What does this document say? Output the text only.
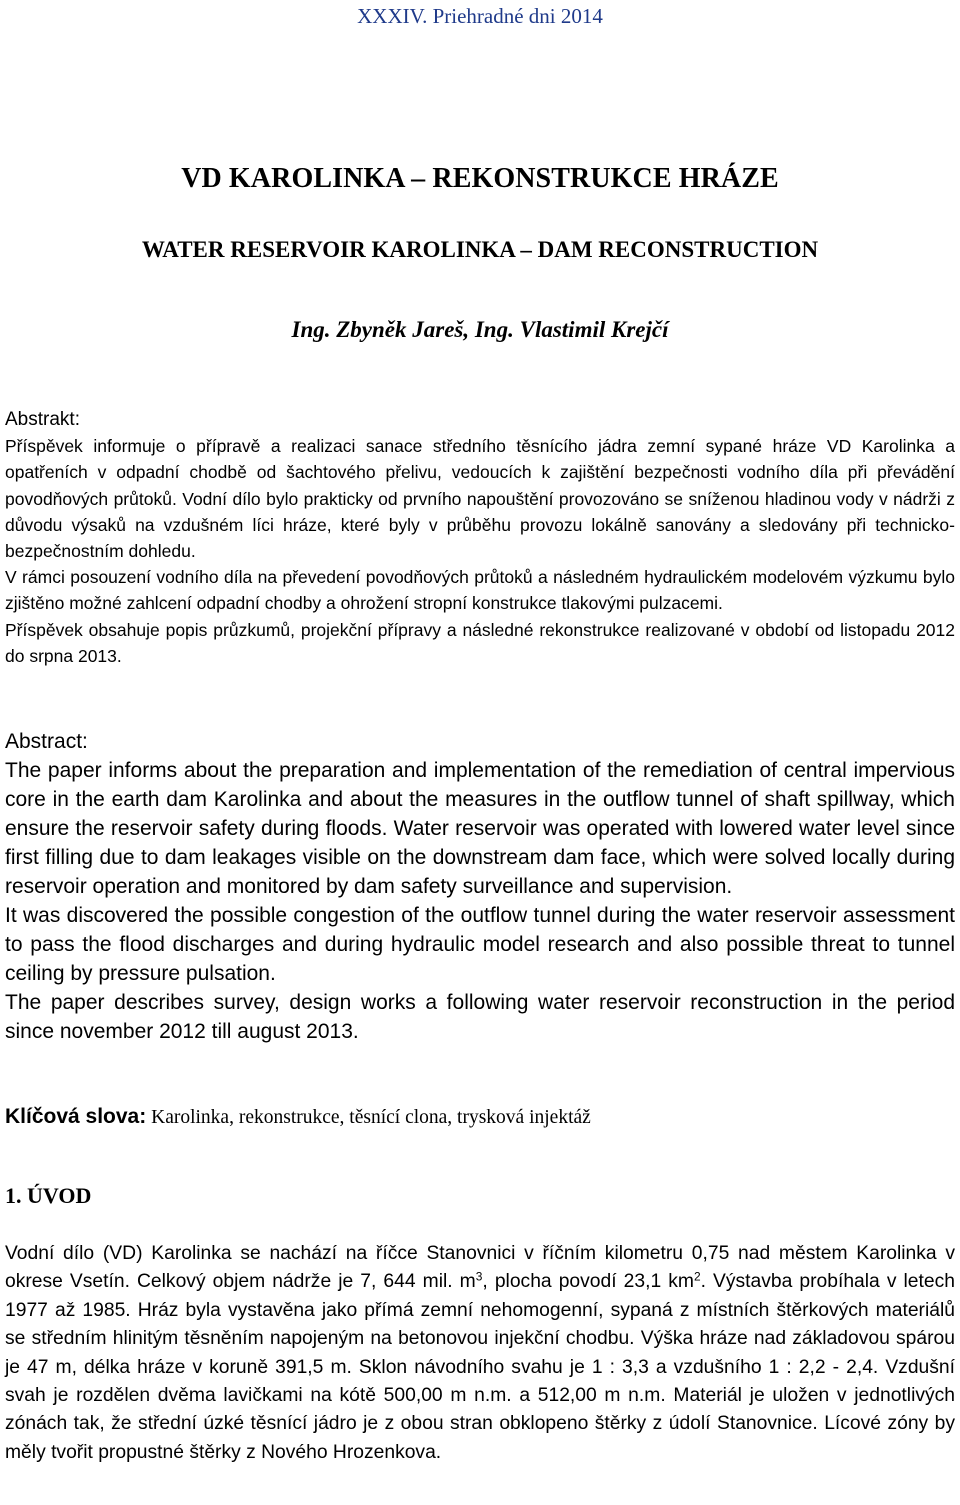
XXXIV. Priehradné dni 2014
VD KAROLINKA – REKONSTRUKCE HRÁZE
WATER RESERVOIR KAROLINKA – DAM RECONSTRUCTION
Ing. Zbyněk Jareš, Ing. Vlastimil Krejčí
Abstrakt:

Příspěvek informuje o přípravě a realizaci sanace středního těsnícího jádra zemní sypané hráze VD Karolinka a opatřeních v odpadní chodbě od šachtového přelivu, vedoucích k zajištění bezpečnosti vodního díla při převádění povodňových průtoků. Vodní dílo bylo prakticky od prvního napouštění provozováno se sníženou hladinou vody v nádrži z důvodu výsaků na vzdušném líci hráze, které byly v průběhu provozu lokálně sanovány a sledovány při technicko-bezpečnostním dohledu.

V rámci posouzení vodního díla na převedení povodňových průtoků a následném hydraulickém modelovém výzkumu bylo zjištěno možné zahlcení odpadní chodby a ohrožení stropní konstrukce tlakovými pulzacemi.

Příspěvek obsahuje popis průzkumů, projekční přípravy a následné rekonstrukce realizované v období od listopadu 2012 do srpna 2013.

Abstract:

The paper informs about the preparation and implementation of the remediation of central impervious core in the earth dam Karolinka and about the measures in the outflow tunnel of shaft spillway, which ensure the reservoir safety during floods. Water reservoir was operated with lowered water level since first filling due to dam leakages visible on the downstream dam face, which were solved locally during reservoir operation and monitored by dam safety surveillance and supervision.

It was discovered the possible congestion of the outflow tunnel during the water reservoir assessment to pass the flood discharges and during hydraulic model research and also possible threat to tunnel ceiling by pressure pulsation.

The paper describes survey, design works a following water reservoir reconstruction in the period since november 2012 till august 2013.

Klíčová slova: Karolinka, rekonstrukce, těsnící clona, trysková injektáž
1. ÚVOD

Vodní dílo (VD) Karolinka se nachází na říčce Stanovnici v říčním kilometru 0,75 nad městem Karolinka v okrese Vsetín. Celkový objem nádrže je 7, 644 mil. $m^3$, plocha povodí 23,1 $km^2$. Výstavba probíhala v letech 1977 až 1985. Hráz byla vystavěna jako přímá zemní nehomogenní, sypaná z místních štěrkových materiálů se středním hlinitým těsněním napojeným na betonovou injekční chodbu. Výška hráze nad základovou spárou je 47 m, délka hráze v koruně 391,5 m. Sklon návodního svahu je 1 : 3,3 a vzdušního 1 : 2,2 - 2,4. Vzdušní svah je rozdělen dvěma lavičkami na kótě 500,00 m n.m. a 512,00 m n.m. Materiál je uložen v jednotlivých zónách tak, že střední úzké těsnící jádro je z obou stran obklopeno štěrky z údolí Stanovnice. Lícové zóny by měly tvořit propustné štěrky z Nového Hrozenkova.
